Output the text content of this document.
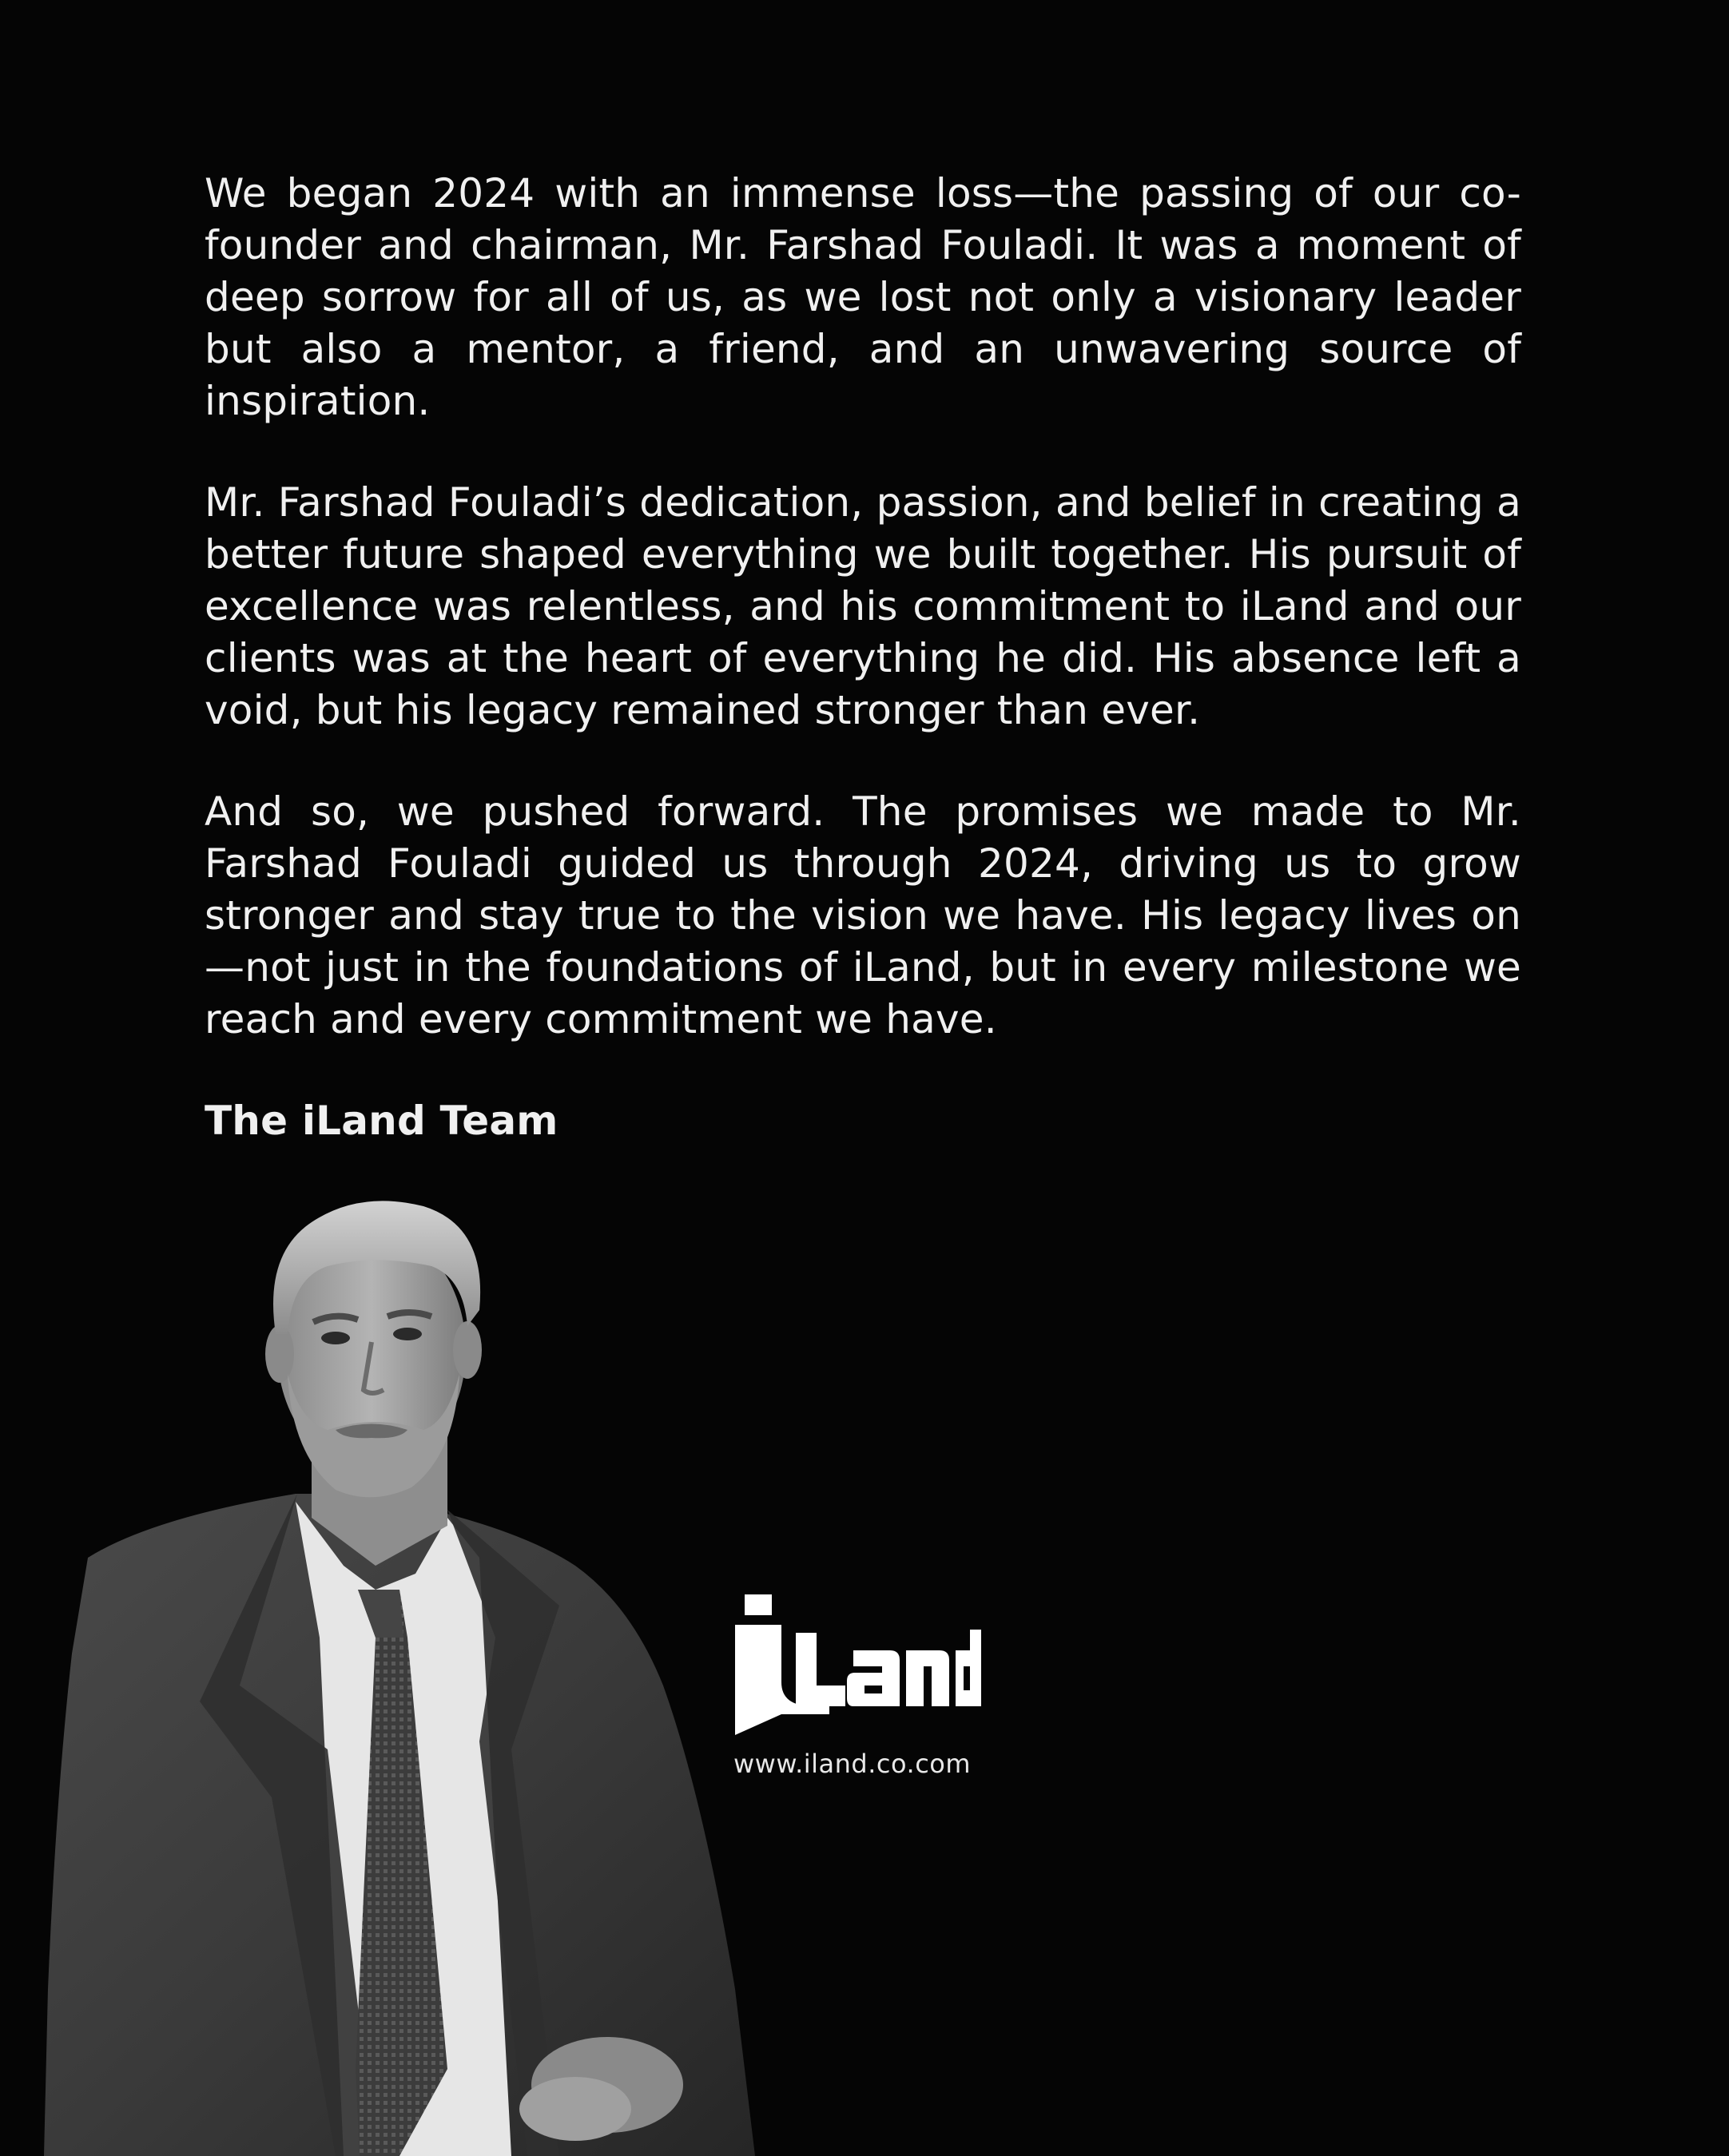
We began 2024 with an immense loss—the passing of our co-founder and chairman, Mr. Farshad Fouladi. It was a moment of deep sorrow for all of us, as we lost not only a visionary leader but also a mentor, a friend, and an unwavering source of inspiration.

Mr. Farshad Fouladi’s dedication, passion, and belief in creating a better future shaped everything we built together. His pursuit of excellence was relentless, and his commitment to iLand and our clients was at the heart of everything he did. His absence left a void, but his legacy remained stronger than ever.

And so, we pushed forward. The promises we made to Mr. Farshad Fouladi guided us through 2024, driving us to grow stronger and stay true to the vision we have. His legacy lives on—not just in the foundations of iLand, but in every milestone we reach and every commitment we have.

The iLand Team

www.iland.co.com
